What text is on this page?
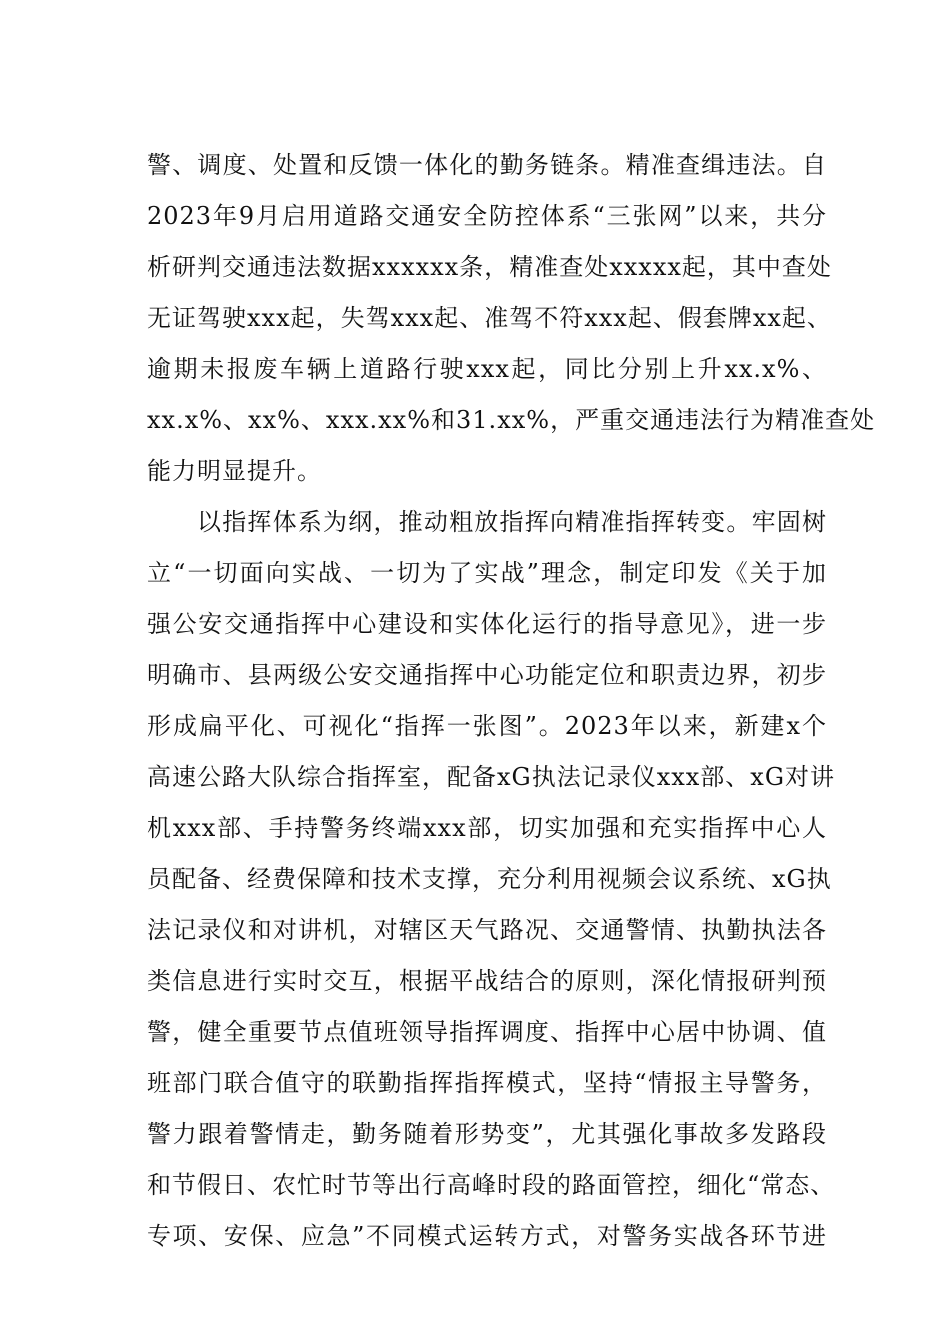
警、调度、处置和反馈一体化的勤务链条。精准查缉违法。自
2023年9月启用道路交通安全防控体系“三张网”以来，共分
析研判交通违法数据xxxxxx条，精准查处xxxxx起，其中查处
无证驾驶xxx起，失驾xxx起、准驾不符xxx起、假套牌xx起、
逾期未报废车辆上道路行驶xxx起，同比分别上升xx.x%、
xx.x%、xx%、xxx.xx%和31.xx%，严重交通违法行为精准查处
能力明显提升。
以指挥体系为纲，推动粗放指挥向精准指挥转变。牢固树
立“一切面向实战、一切为了实战”理念，制定印发《关于加
强公安交通指挥中心建设和实体化运行的指导意见》，进一步
明确市、县两级公安交通指挥中心功能定位和职责边界，初步
形成扁平化、可视化“指挥一张图”。2023年以来，新建x个
高速公路大队综合指挥室，配备xG执法记录仪xxx部、xG对讲
机xxx部、手持警务终端xxx部，切实加强和充实指挥中心人
员配备、经费保障和技术支撑，充分利用视频会议系统、xG执
法记录仪和对讲机，对辖区天气路况、交通警情、执勤执法各
类信息进行实时交互，根据平战结合的原则，深化情报研判预
警，健全重要节点值班领导指挥调度、指挥中心居中协调、值
班部门联合值守的联勤指挥指挥模式，坚持“情报主导警务，
警力跟着警情走，勤务随着形势变”，尤其强化事故多发路段
和节假日、农忙时节等出行高峰时段的路面管控，细化“常态、
专项、安保、应急”不同模式运转方式，对警务实战各环节进
